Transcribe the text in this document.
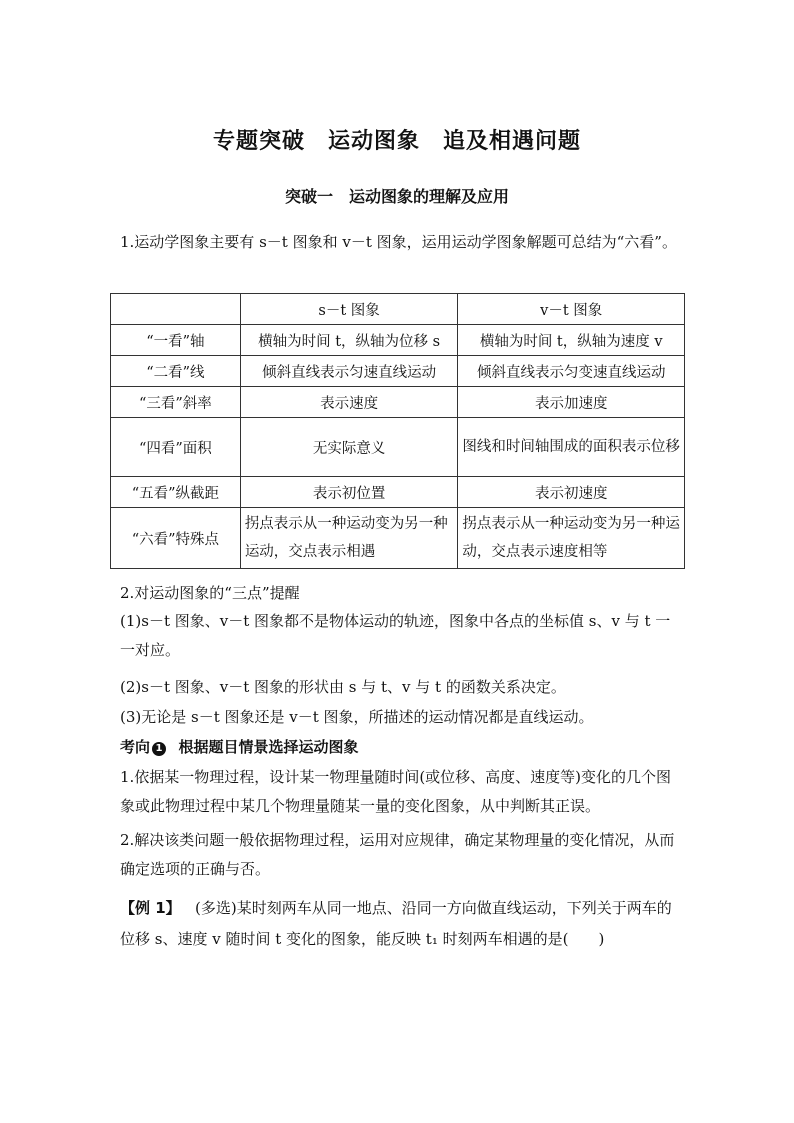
专题突破　运动图象　追及相遇问题
突破一　运动图象的理解及应用
1.运动学图象主要有 s－t 图象和 v－t 图象，运用运动学图象解题可总结为“六看”。
	s－t 图象	v－t 图象
“一看”轴	横轴为时间 t，纵轴为位移 s	横轴为时间 t，纵轴为速度 v
“二看”线	倾斜直线表示匀速直线运动	倾斜直线表示匀变速直线运动
“三看”斜率	表示速度	表示加速度
“四看”面积	无实际意义	图线和时间轴围成的面积表示位移
“五看”纵截距	表示初位置	表示初速度
“六看”特殊点	拐点表示从一种运动变为另一种运动，交点表示相遇	拐点表示从一种运动变为另一种运动，交点表示速度相等
2.对运动图象的“三点”提醒
(1)s－t 图象、v－t 图象都不是物体运动的轨迹，图象中各点的坐标值 s、v 与 t 一一对应。
(2)s－t 图象、v－t 图象的形状由 s 与 t、v 与 t 的函数关系决定。
(3)无论是 s－t 图象还是 v－t 图象，所描述的运动情况都是直线运动。
考向 1 根据题目情景选择运动图象
1.依据某一物理过程，设计某一物理量随时间(或位移、高度、速度等)变化的几个图象或此物理过程中某几个物理量随某一量的变化图象，从中判断其正误。
2.解决该类问题一般依据物理过程，运用对应规律，确定某物理量的变化情况，从而确定选项的正确与否。
【例 1】 (多选)某时刻两车从同一地点、沿同一方向做直线运动，下列关于两车的位移 s、速度 v 随时间 t 变化的图象，能反映 t₁ 时刻两车相遇的是(　　)
